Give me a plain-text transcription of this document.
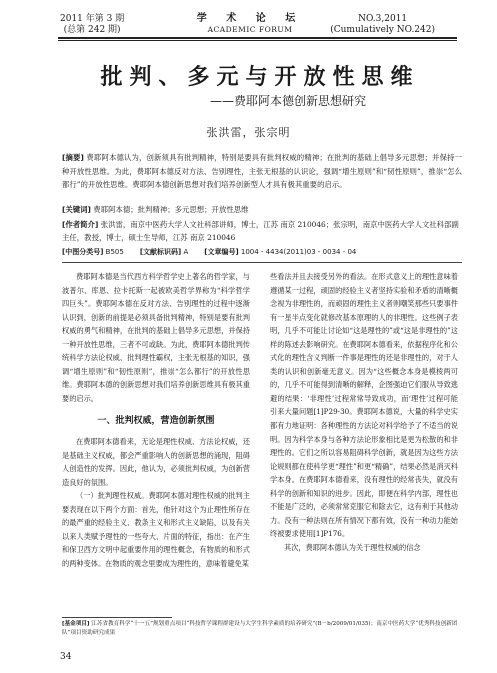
2011 年第 3 期
(总第 242 期)
学 术 论 坛
ACADEMIC FORUM
NO.3,2011
(Cumulatively NO.242)
批判、多元与开放性思维
——费耶阿本德创新思想研究
张洪雷，张宗明
[摘要] 费耶阿本德认为，创新须具有批判精神，特别是要具有批判权威的精神；在批判的基础上倡导多元思想；并保持一种开放性思维。为此，费耶阿本德反对方法、告别理性，主张无根基的认识论，强调“增生原则”和“韧性原则”，推崇“怎么都行”的开放性思维。费耶阿本德创新思想对我们培养创新型人才具有极其重要的启示。
[关键词] 费耶阿本德；批判精神；多元思想；开放性思维
[作者简介] 张洪雷，南京中医药大学人文社科部讲师，博士，江苏 南京 210046；张宗明，南京中医药大学人文社科部副主任，教授，博士，硕士生导师，江苏 南京 210046
[中图分类号] B505 [文献标识码] A [文章编号] 1004 - 4434(2011)03 - 0034 - 04

费耶阿本德是当代西方科学哲学史上著名的哲学家，与波普尔、库恩、拉卡托斯一起被欧美哲学界称为“科学哲学四巨头”。费耶阿本德在反对方法、告别理性的过程中逐渐认识到，创新的前提是必须具备批判精神，特别是要有批判权威的勇气和精神，在批判的基础上倡导多元思想，并保持一种开放性思维，三者不可或缺。为此，费耶阿本德批判传统科学方法论权威、批判理性霸权，主张无根基的知识，强调“增生原则”和“韧性原则”，推崇“怎么都行”的开放性思维。费耶阿本德的创新思想对我们培养创新思维具有极其重要的启示。

一、批判权威，营造创新氛围

在费耶阿本德看来，无论是理性权威、方法论权威，还是基础主义权威，都会严重影响人的创新思想的涌现，阻碍人创造性的发挥。因此，他认为，必须批判权威，为创新营造良好的氛围。

（一）批判理性权威。费耶阿本德对理性权威的批判主要表现在以下两个方面：首先，他针对这个为止理性所存在的最严重的经验主义、教条主义和形式主义缺陷，以及有关以来人类赋予理性的一些夸大、片面的特征，指出：在产生和保卫西方文明中起重要作用的理性概念，有物质的和形式的两种变体。在物质的观念里要成为理性的，意味着避免某

些看法并且去接受另外的看法。在形式意义上的理性意味着遵循某一过程，顽固的经验主义者坚持实验和矛盾的清晰概念视为非理性的，而顽固的理性主义者则嘲笑那些只要事件有一星半点变化就修改基本原理的人的非理性。这些例子表明，几乎不可能让讨论如“这是理性的”或“这是非理性的”这样的陈述去影响研究。在费耶阿本德看来，依据程序化和公式化的理性含义判断一件事是理性的还是非理性的，对于人类的认识和创新毫无意义。因为“这些概念本身是模棱两可的，几乎不可能得到清晰的解释，企图强迫它们服从导致逃避的结果：‘非理性’过程常常导致成功，而‘理性’过程可能引来大量问题[1]P29-30。费耶阿本德说，大量的科学史实都有力地证明：各种理性的方法论对科学给予了不适当的说明。因为科学本身与各种方法论形象相比是更为松散的和非理性的。它们之所以容易阻碍科学创新，就是因为这些方法论规则都在使科学更“理性”和更“精确”，结果必然是消灭科学本身。在费耶阿本德看来，没有理性的经常丧失，就没有科学的创新和知识的进步。因此，即便在科学内部，理性也不能是广泛的，必须常常克服它和除去它，这有利于其他动力。没有一种法则在所有情况下都有效，没有一种动力能始终被要求使用[1]P176。

其次，费耶阿本德认为关于理性权威的信念

[基金项目] 江苏省教育科学“十一五”规划重点项目“科技哲学课程群建设与大学生科学素质的培养研究”(B－b/2009/01/035)；南京中医药大学“优秀科技创新团队”项目资助研究成果
34
